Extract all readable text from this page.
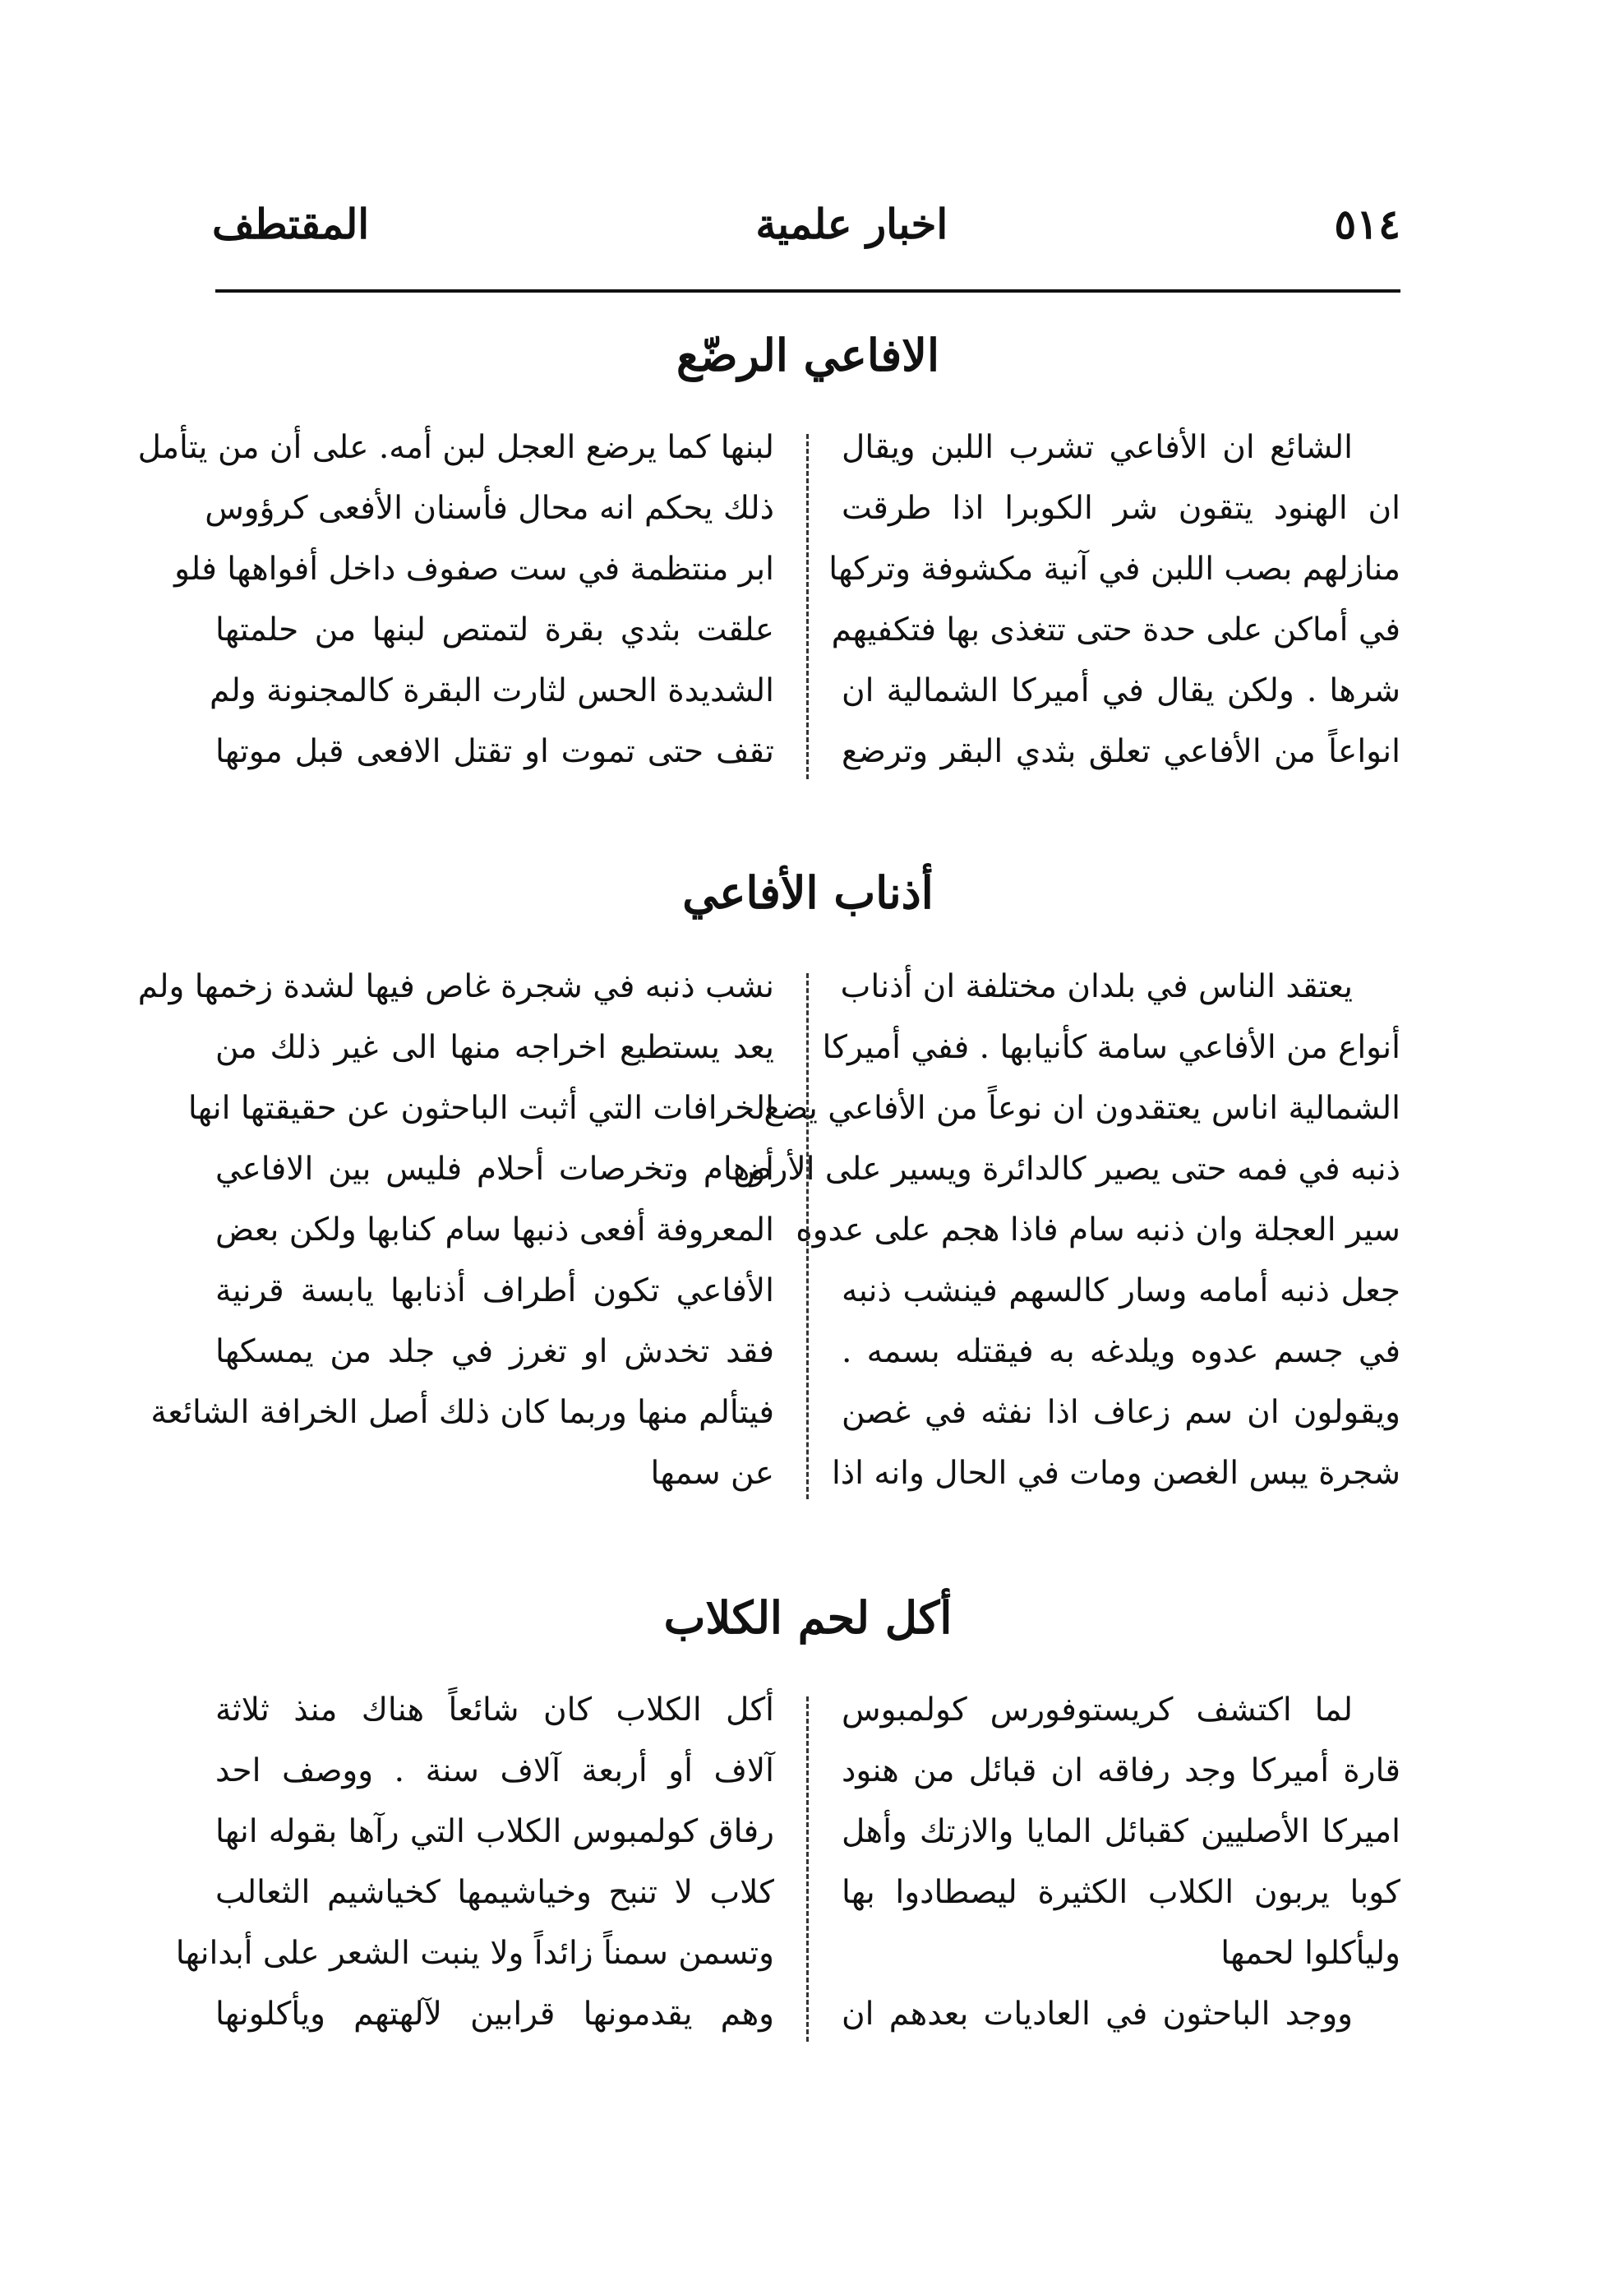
٥١٤
اخبار علمية
المقتطف
الافاعي الرضّع
الشائع ان الأفاعي تشرب اللبن ويقال
ان الهنود يتقون شر الكوبرا اذا طرقت
منازلهم بصب اللبن في آنية مكشوفة وتركها
في أماكن على حدة حتى تتغذى بها فتكفيهم
شرها . ولكن يقال في أميركا الشمالية ان
انواعاً من الأفاعي تعلق بثدي البقر وترضع
لبنها كما يرضع العجل لبن أمه. على أن من يتأمل
ذلك يحكم انه محال فأسنان الأفعى كرؤوس
ابر منتظمة في ست صفوف داخل أفواهها فلو
علقت بثدي بقرة لتمتص لبنها من حلمتها
الشديدة الحس لثارت البقرة كالمجنونة ولم
تقف حتى تموت او تقتل الافعى قبل موتها
أذناب الأفاعي
يعتقد الناس في بلدان مختلفة ان أذناب
أنواع من الأفاعي سامة كأنيابها . ففي أميركا
الشمالية اناس يعتقدون ان نوعاً من الأفاعي يضع
ذنبه في فمه حتى يصير كالدائرة ويسير على الأرض
سير العجلة وان ذنبه سام فاذا هجم على عدوه
جعل ذنبه أمامه وسار كالسهم فينشب ذنبه
في جسم عدوه ويلدغه به فيقتله بسمه .
ويقولون ان سم زعاف اذا نفثه في غصن
شجرة يبس الغصن ومات في الحال وانه اذا
نشب ذنبه في شجرة غاص فيها لشدة زخمها ولم
يعد يستطيع اخراجه منها الى غير ذلك من
الخرافات التي أثبت الباحثون عن حقيقتها انها
أوهام وتخرصات أحلام فليس بين الافاعي
المعروفة أفعى ذنبها سام كنابها ولكن بعض
الأفاعي تكون أطراف أذنابها يابسة قرنية
فقد تخدش او تغرز في جلد من يمسكها
فيتألم منها وربما كان ذلك أصل الخرافة الشائعة
عن سمها
أكل لحم الكلاب
لما اكتشف كريستوفورس كولمبوس
قارة أميركا وجد رفاقه ان قبائل من هنود
اميركا الأصليين كقبائل المايا والازتك وأهل
كوبا يربون الكلاب الكثيرة ليصطادوا بها
وليأكلوا لحمها
ووجد الباحثون في العاديات بعدهم ان
أكل الكلاب كان شائعاً هناك منذ ثلاثة
آلاف أو أربعة آلاف سنة . ووصف احد
رفاق كولمبوس الكلاب التي رآها بقوله انها
كلاب لا تنبح وخياشيمها كخياشيم الثعالب
وتسمن سمناً زائداً ولا ينبت الشعر على أبدانها
وهم يقدمونها قرابين لآلهتهم ويأكلونها
